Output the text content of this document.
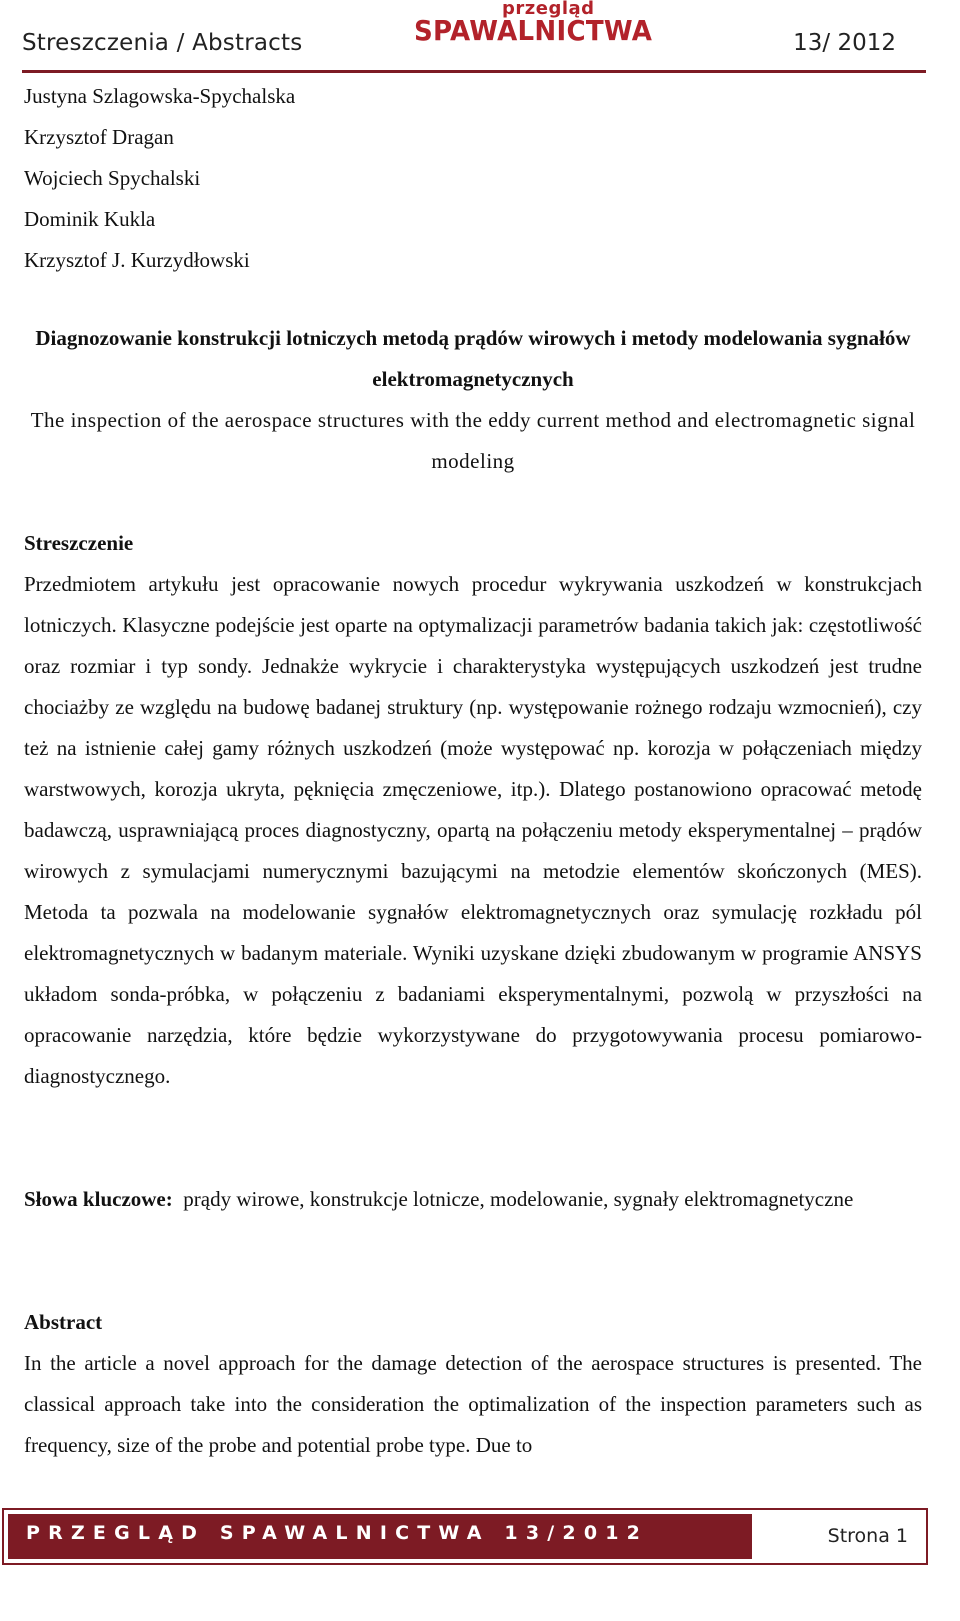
Streszczenia / Abstracts
przegląd
SPAWALNICTWA	13/ 2012
Justyna Szlagowska-Spychalska
Krzysztof Dragan
Wojciech Spychalski
Dominik Kukla
Krzysztof J. Kurzydłowski
Diagnozowanie konstrukcji lotniczych metodą prądów wirowych i metody modelowania sygnałów elektromagnetycznych
The inspection of the aerospace structures with the eddy current method and electromagnetic signal modeling
Streszczenie
Przedmiotem artykułu jest opracowanie nowych procedur wykrywania uszkodzeń w konstrukcjach lotniczych. Klasyczne podejście jest oparte na optymalizacji parametrów badania takich jak: częstotliwość oraz rozmiar i typ sondy. Jednakże wykrycie i charakterystyka występujących uszkodzeń jest trudne chociażby ze względu na budowę badanej struktury (np. występowanie rożnego rodzaju wzmocnień), czy też na istnienie całej gamy różnych uszkodzeń (może występować np. korozja w połączeniach między warstwowych, korozja ukryta, pęknięcia zmęczeniowe, itp.). Dlatego postanowiono opracować metodę badawczą, usprawniającą proces diagnostyczny, opartą na połączeniu metody eksperymentalnej – prądów wirowych z symulacjami numerycznymi bazującymi na metodzie elementów skończonych (MES). Metoda ta pozwala na modelowanie sygnałów elektromagnetycznych oraz symulację rozkładu pól elektromagnetycznych w badanym materiale. Wyniki uzyskane dzięki zbudowanym w programie ANSYS układom sonda-próbka, w połączeniu z badaniami eksperymentalnymi, pozwolą w przyszłości na opracowanie narzędzia, które będzie wykorzystywane do przygotowywania procesu pomiarowo-diagnostycznego.
Słowa kluczowe: prądy wirowe, konstrukcje lotnicze, modelowanie, sygnały elektromagnetyczne
Abstract
In the article a novel approach for the damage detection of the aerospace structures is presented. The classical approach take into the consideration the optimalization of the inspection parameters such as frequency, size of the probe and potential probe type. Due to
PRZEGLĄD SPAWALNICTWA 13/2012	Strona 1
